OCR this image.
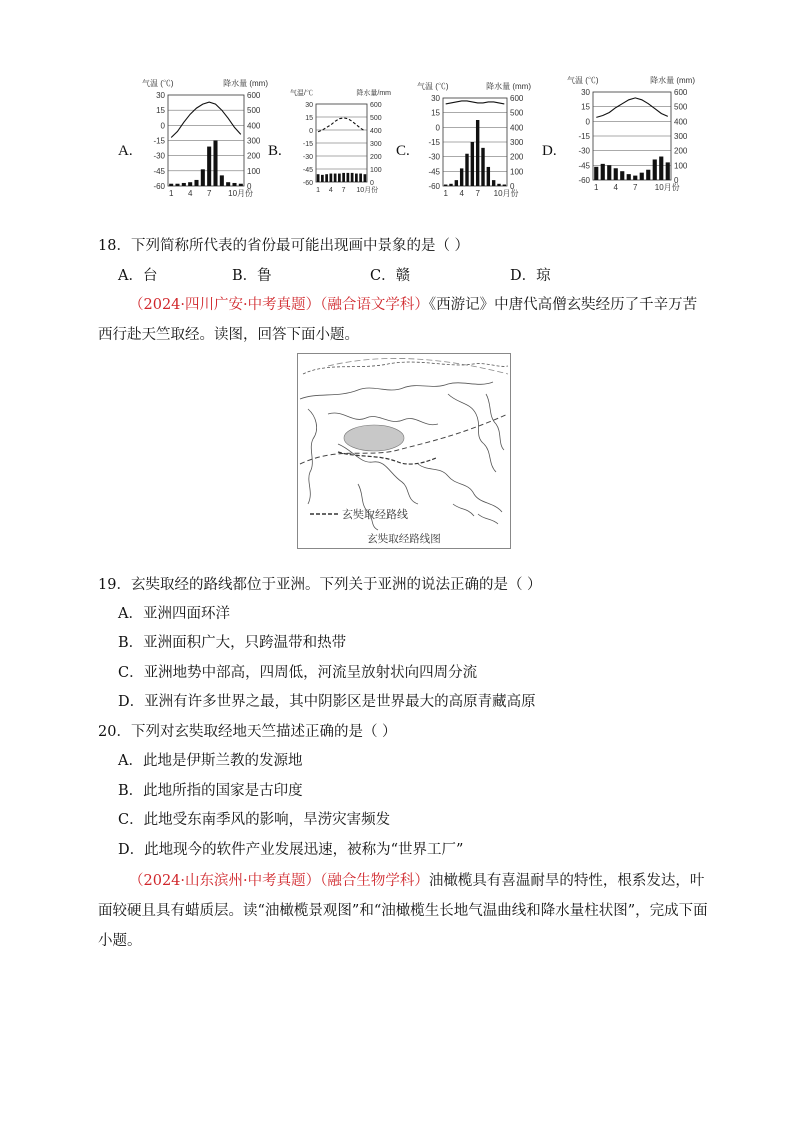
A.
气温 (℃)	降水量 (mm)
30	600
15	500
0	400
-15	300
-30	200
-45	100
-60	0
1 4 7 10月份
B.
气温/℃	降水量/mm
30	600
15	500
0	400
-15	300
-30	200
-45	100
-60	0
1 4 7 10月份
C.
气温 (℃)	降水量 (mm)
30	600
15	500
0	400
-15	300
-30	200
-45	100
-60	0
1 4 7 10月份
D.
气温 (℃)	降水量 (mm)
30	600
15	500
0	400
-15	300
-30	200
-45	100
-60	0
1 4 7 10月份
18．下列简称所代表的省份最可能出现画中景象的是（ ）
A．台	B．鲁	C．赣	D．琼
（2024·四川广安·中考真题）（融合语文学科）《西游记》中唐代高僧玄奘经历了千辛万苦西行赴天竺取经。读图，回答下面小题。
玄奘取经路线
玄奘取经路线图
19．玄奘取经的路线都位于亚洲。下列关于亚洲的说法正确的是（ ）
A．亚洲四面环洋
B．亚洲面积广大，只跨温带和热带
C．亚洲地势中部高，四周低，河流呈放射状向四周分流
D．亚洲有许多世界之最，其中阴影区是世界最大的高原青藏高原
20．下列对玄奘取经地天竺描述正确的是（ ）
A．此地是伊斯兰教的发源地
B．此地所指的国家是古印度
C．此地受东南季风的影响，旱涝灾害频发
D．此地现今的软件产业发展迅速，被称为“世界工厂”
（2024·山东滨州·中考真题）（融合生物学科）油橄榄具有喜温耐旱的特性，根系发达，叶面较硬且具有蜡质层。读“油橄榄景观图”和“油橄榄生长地气温曲线和降水量柱状图”，完成下面小题。
